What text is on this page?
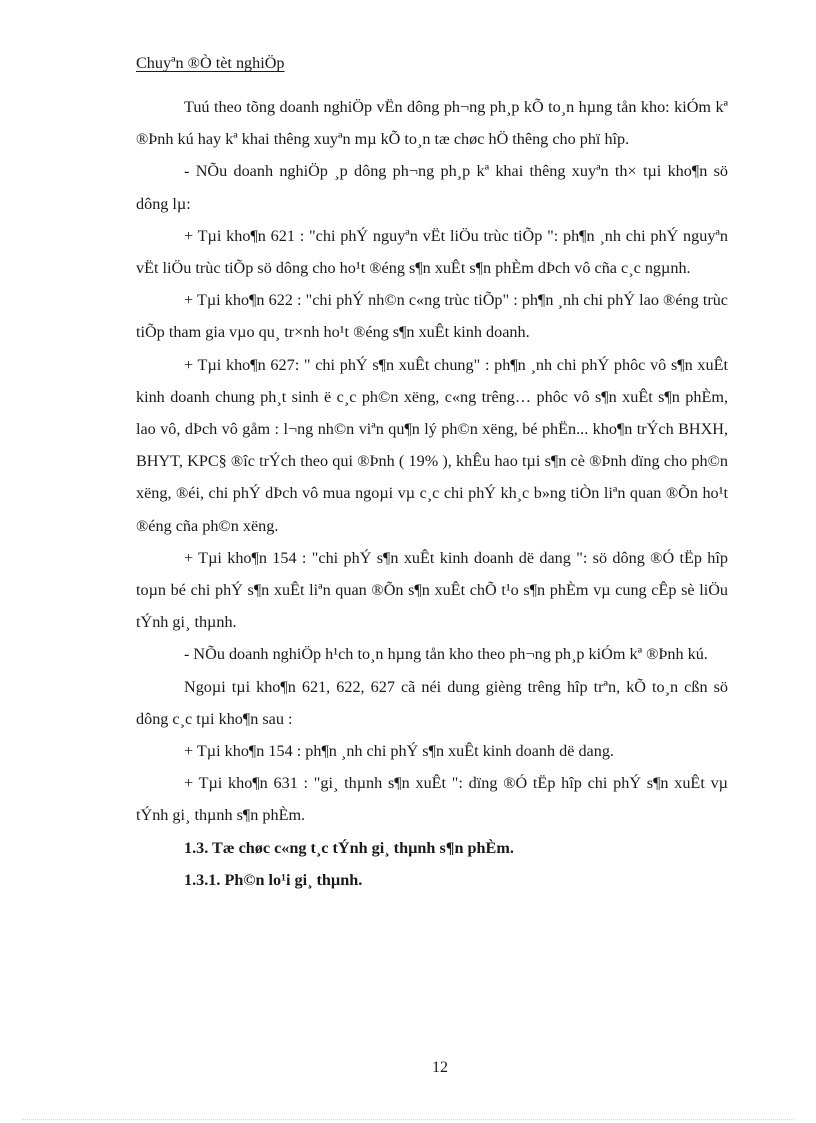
Chuyªn ®Ò tèt nghiÖp

Tuú theo tõng doanh nghiÖp vËn dông ph¬ng ph¸p kÕ to¸n hµng tån kho: kiÓm kª ®Þnh kú hay kª khai thêng xuyªn mµ kÕ to¸n tæ chøc hÖ thêng cho phï hîp.

- NÕu doanh nghiÖp ¸p dông ph¬ng ph¸p kª khai thêng xuyªn th× tµi kho¶n sö dông lµ:

+ Tµi kho¶n 621 : "chi phÝ nguyªn vËt liÖu trùc tiÕp ": ph¶n ¸nh chi phÝ nguyªn vËt liÖu trùc tiÕp sö dông cho ho¹t ®éng s¶n xuÊt s¶n phÈm dÞch vô cña c¸c ngµnh.

+ Tµi kho¶n 622 : "chi phÝ nh©n c«ng trùc tiÕp" : ph¶n ¸nh chi phÝ lao ®éng trùc tiÕp tham gia vµo qu¸ tr×nh ho¹t ®éng s¶n xuÊt kinh doanh.

+ Tµi kho¶n 627: " chi phÝ s¶n xuÊt chung" : ph¶n ¸nh chi phÝ phôc vô s¶n xuÊt kinh doanh chung ph¸t sinh ë c¸c ph©n xëng, c«ng trêng… phôc vô s¶n xuÊt s¶n phÈm, lao vô, dÞch vô gåm : l¬ng nh©n viªn qu¶n lý ph©n xëng, bé phËn... kho¶n trÝch BHXH, BHYT, KPC§ ®îc trÝch theo qui ®Þnh ( 19% ), khÊu hao tµi s¶n cè ®Þnh dïng cho ph©n xëng, ®éi, chi phÝ dÞch vô mua ngoµi vµ c¸c chi phÝ kh¸c b»ng tiÒn liªn quan ®Õn ho¹t ®éng cña ph©n xëng.

+ Tµi kho¶n 154 : "chi phÝ s¶n xuÊt kinh doanh dë dang ": sö dông ®Ó tËp hîp toµn bé chi phÝ s¶n xuÊt liªn quan ®Õn s¶n xuÊt chÕ t¹o s¶n phÈm vµ cung cÊp sè liÖu tÝnh gi¸ thµnh.

- NÕu doanh nghiÖp h¹ch to¸n hµng tån kho theo ph¬ng ph¸p kiÓm kª ®Þnh kú.

Ngoµi tµi kho¶n 621, 622, 627 cã néi dung gièng trêng hîp trªn, kÕ to¸n cßn sö dông c¸c tµi kho¶n sau :

+ Tµi kho¶n 154 : ph¶n ¸nh chi phÝ s¶n xuÊt kinh doanh dë dang.

+ Tµi kho¶n 631 : "gi¸ thµnh s¶n xuÊt ": dïng ®Ó tËp hîp chi phÝ s¶n xuÊt vµ tÝnh gi¸ thµnh s¶n phÈm.

1.3. Tæ chøc c«ng t¸c tÝnh gi¸ thµnh s¶n phÈm.

1.3.1. Ph©n lo¹i gi¸ thµnh.

12
